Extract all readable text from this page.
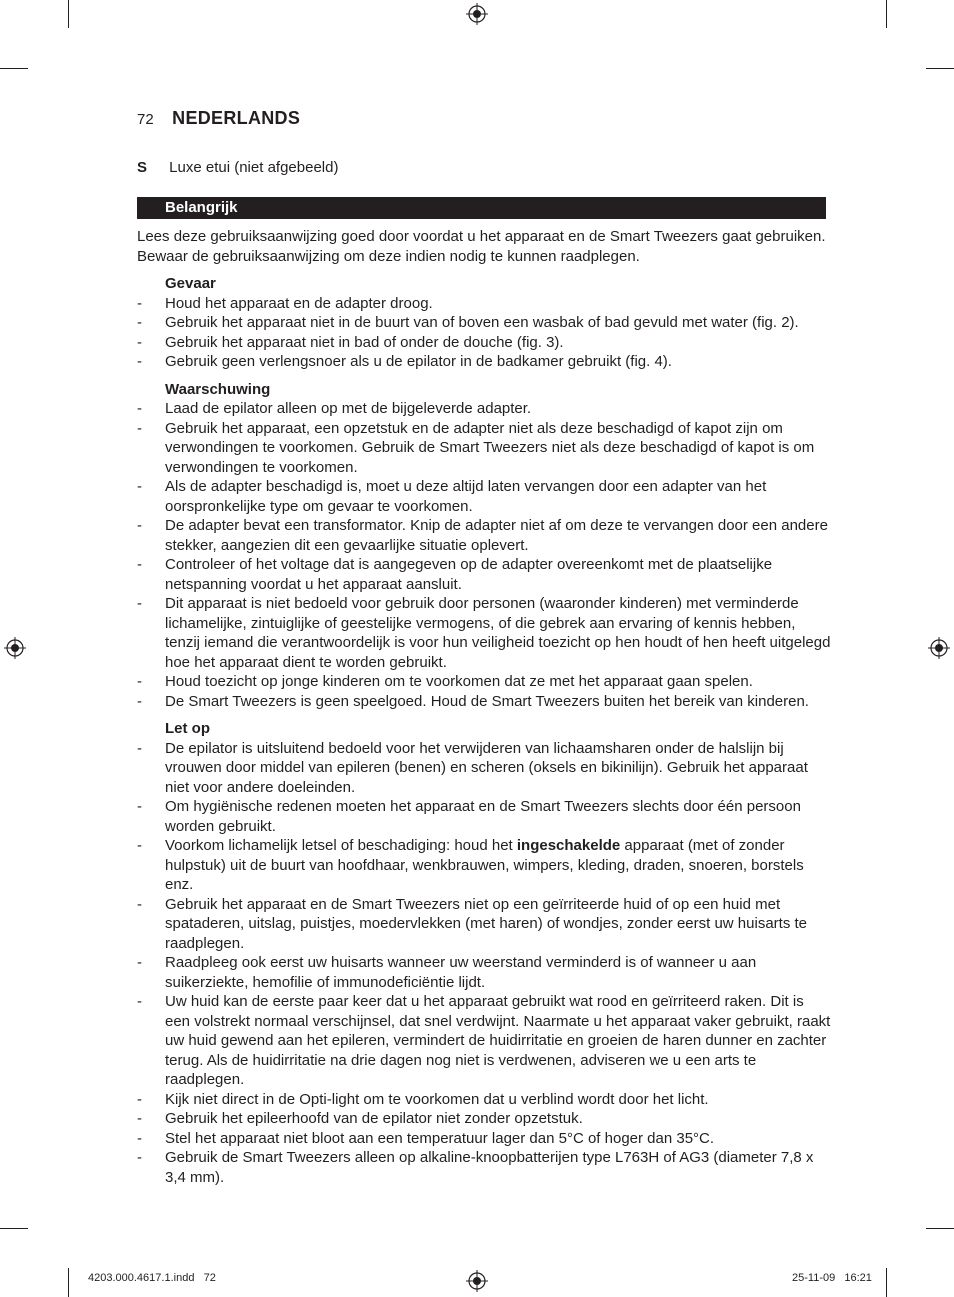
72 NEDERLANDS
S Luxe etui (niet afgebeeld)
Belangrijk

Lees deze gebruiksaanwijzing goed door voordat u het apparaat en de Smart Tweezers gaat gebruiken. Bewaar de gebruiksaanwijzing om deze indien nodig te kunnen raadplegen.

Gevaar
- Houd het apparaat en de adapter droog.
- Gebruik het apparaat niet in de buurt van of boven een wasbak of bad gevuld met water (fig. 2).
- Gebruik het apparaat niet in bad of onder de douche (fig. 3).
- Gebruik geen verlengsnoer als u de epilator in de badkamer gebruikt (fig. 4).
Waarschuwing
- Laad de epilator alleen op met de bijgeleverde adapter.
- Gebruik het apparaat, een opzetstuk en de adapter niet als deze beschadigd of kapot zijn om verwondingen te voorkomen. Gebruik de Smart Tweezers niet als deze beschadigd of kapot is om verwondingen te voorkomen.
- Als de adapter beschadigd is, moet u deze altijd laten vervangen door een adapter van het oorspronkelijke type om gevaar te voorkomen.
- De adapter bevat een transformator. Knip de adapter niet af om deze te vervangen door een andere stekker, aangezien dit een gevaarlijke situatie oplevert.
- Controleer of het voltage dat is aangegeven op de adapter overeenkomt met de plaatselijke netspanning voordat u het apparaat aansluit.
- Dit apparaat is niet bedoeld voor gebruik door personen (waaronder kinderen) met verminderde lichamelijke, zintuiglijke of geestelijke vermogens, of die gebrek aan ervaring of kennis hebben, tenzij iemand die verantwoordelijk is voor hun veiligheid toezicht op hen houdt of hen heeft uitgelegd hoe het apparaat dient te worden gebruikt.
- Houd toezicht op jonge kinderen om te voorkomen dat ze met het apparaat gaan spelen.
- De Smart Tweezers is geen speelgoed. Houd de Smart Tweezers buiten het bereik van kinderen.
Let op
- De epilator is uitsluitend bedoeld voor het verwijderen van lichaamsharen onder de halslijn bij vrouwen door middel van epileren (benen) en scheren (oksels en bikinilijn). Gebruik het apparaat niet voor andere doeleinden.
- Om hygiënische redenen moeten het apparaat en de Smart Tweezers slechts door één persoon worden gebruikt.
- Voorkom lichamelijk letsel of beschadiging: houd het ingeschakelde apparaat (met of zonder hulpstuk) uit de buurt van hoofdhaar, wenkbrauwen, wimpers, kleding, draden, snoeren, borstels enz.
- Gebruik het apparaat en de Smart Tweezers niet op een geïrriteerde huid of op een huid met spataderen, uitslag, puistjes, moedervlekken (met haren) of wondjes, zonder eerst uw huisarts te raadplegen.
- Raadpleeg ook eerst uw huisarts wanneer uw weerstand verminderd is of wanneer u aan suikerziekte, hemofilie of immunodeficiëntie lijdt.
- Uw huid kan de eerste paar keer dat u het apparaat gebruikt wat rood en geïrriteerd raken. Dit is een volstrekt normaal verschijnsel, dat snel verdwijnt. Naarmate u het apparaat vaker gebruikt, raakt uw huid gewend aan het epileren, vermindert de huidirritatie en groeien de haren dunner en zachter terug. Als de huidirritatie na drie dagen nog niet is verdwenen, adviseren we u een arts te raadplegen.
- Kijk niet direct in de Opti-light om te voorkomen dat u verblind wordt door het licht.
- Gebruik het epileerhoofd van de epilator niet zonder opzetstuk.
- Stel het apparaat niet bloot aan een temperatuur lager dan 5°C of hoger dan 35°C.
- Gebruik de Smart Tweezers alleen op alkaline-knoopbatterijen type L763H of AG3 (diameter 7,8 x 3,4 mm).
4203.000.4617.1.indd   72	25-11-09   16:21
